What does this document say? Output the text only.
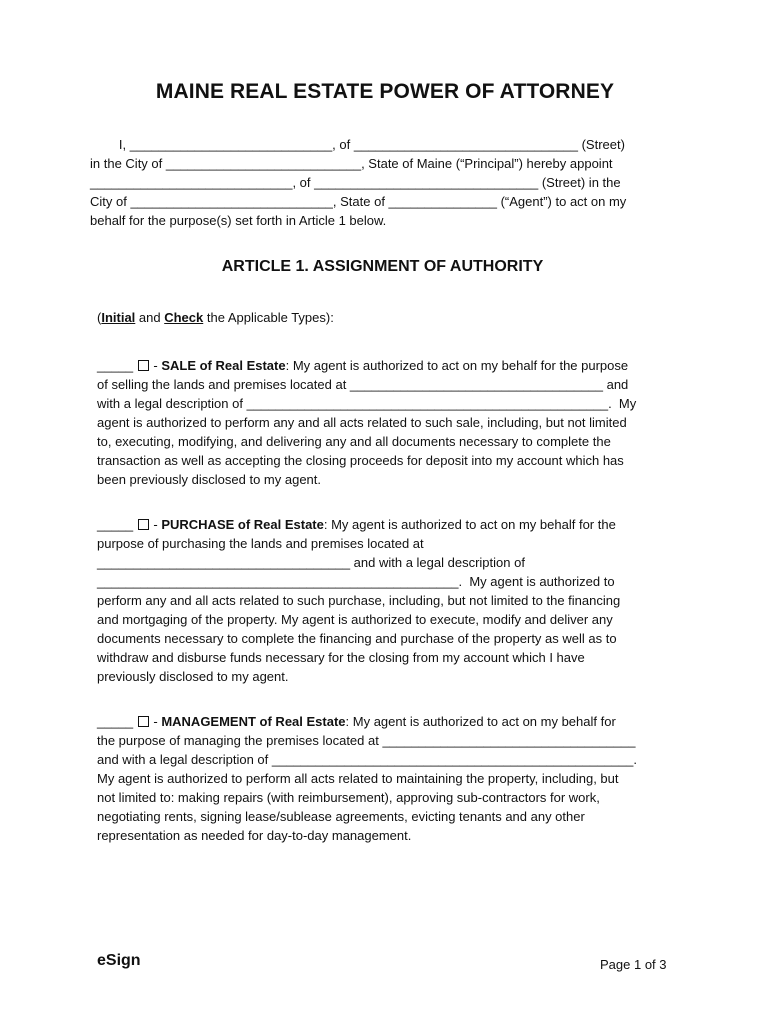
MAINE REAL ESTATE POWER OF ATTORNEY
I, ____________________________, of _______________________________ (Street)
in the City of ___________________________, State of Maine (“Principal”) hereby appoint
____________________________, of _______________________________ (Street) in the
City of ____________________________, State of _______________ (“Agent”) to act on my
behalf for the purpose(s) set forth in Article 1 below.
ARTICLE 1. ASSIGNMENT OF AUTHORITY
(Initial and Check the Applicable Types):
_____  - SALE of Real Estate: My agent is authorized to act on my behalf for the purpose
of selling the lands and premises located at ___________________________________ and
with a legal description of __________________________________________________.  My
agent is authorized to perform any and all acts related to such sale, including, but not limited
to, executing, modifying, and delivering any and all documents necessary to complete the
transaction as well as accepting the closing proceeds for deposit into my account which has
been previously disclosed to my agent.
_____  - PURCHASE of Real Estate: My agent is authorized to act on my behalf for the
purpose of purchasing the lands and premises located at
___________________________________ and with a legal description of
__________________________________________________.  My agent is authorized to
perform any and all acts related to such purchase, including, but not limited to the financing
and mortgaging of the property. My agent is authorized to execute, modify and deliver any
documents necessary to complete the financing and purchase of the property as well as to
withdraw and disburse funds necessary for the closing from my account which I have
previously disclosed to my agent.
_____  - MANAGEMENT of Real Estate: My agent is authorized to act on my behalf for
the purpose of managing the premises located at ___________________________________
and with a legal description of __________________________________________________.
My agent is authorized to perform all acts related to maintaining the property, including, but
not limited to: making repairs (with reimbursement), approving sub-contractors for work,
negotiating rents, signing lease/sublease agreements, evicting tenants and any other
representation as needed for day-to-day management.
eSign	Page 1 of 3
